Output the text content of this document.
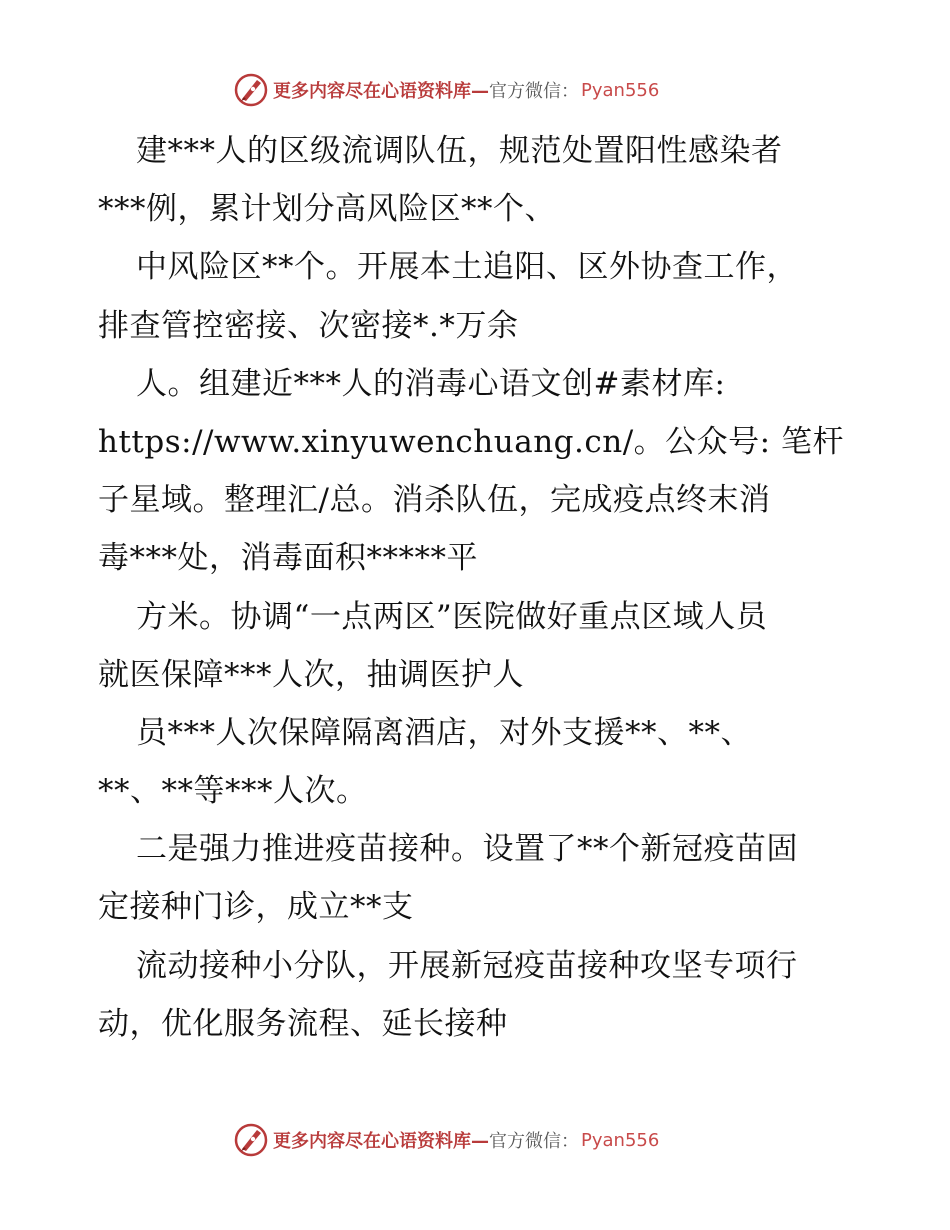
更多内容尽在心语资料库— 官方微信： Pyan556
建***人的区级流调队伍，规范处置阳性感染者
***例，累计划分高风险区**个、
中风险区**个。开展本土追阳、区外协查工作，
排查管控密接、次密接*.*万余
人。组建近***人的消毒心语文创#素材库:
https://www.xinyuwenchuang.cn/。公众号: 笔杆
子星域。整理汇/总。消杀队伍，完成疫点终末消
毒***处，消毒面积*****平
方米。协调“一点两区”医院做好重点区域人员
就医保障***人次，抽调医护人
员***人次保障隔离酒店，对外支援**、**、
**、**等***人次。
二是强力推进疫苗接种。设置了**个新冠疫苗固
定接种门诊，成立**支
流动接种小分队，开展新冠疫苗接种攻坚专项行
动，优化服务流程、延长接种
更多内容尽在心语资料库— 官方微信： Pyan556
